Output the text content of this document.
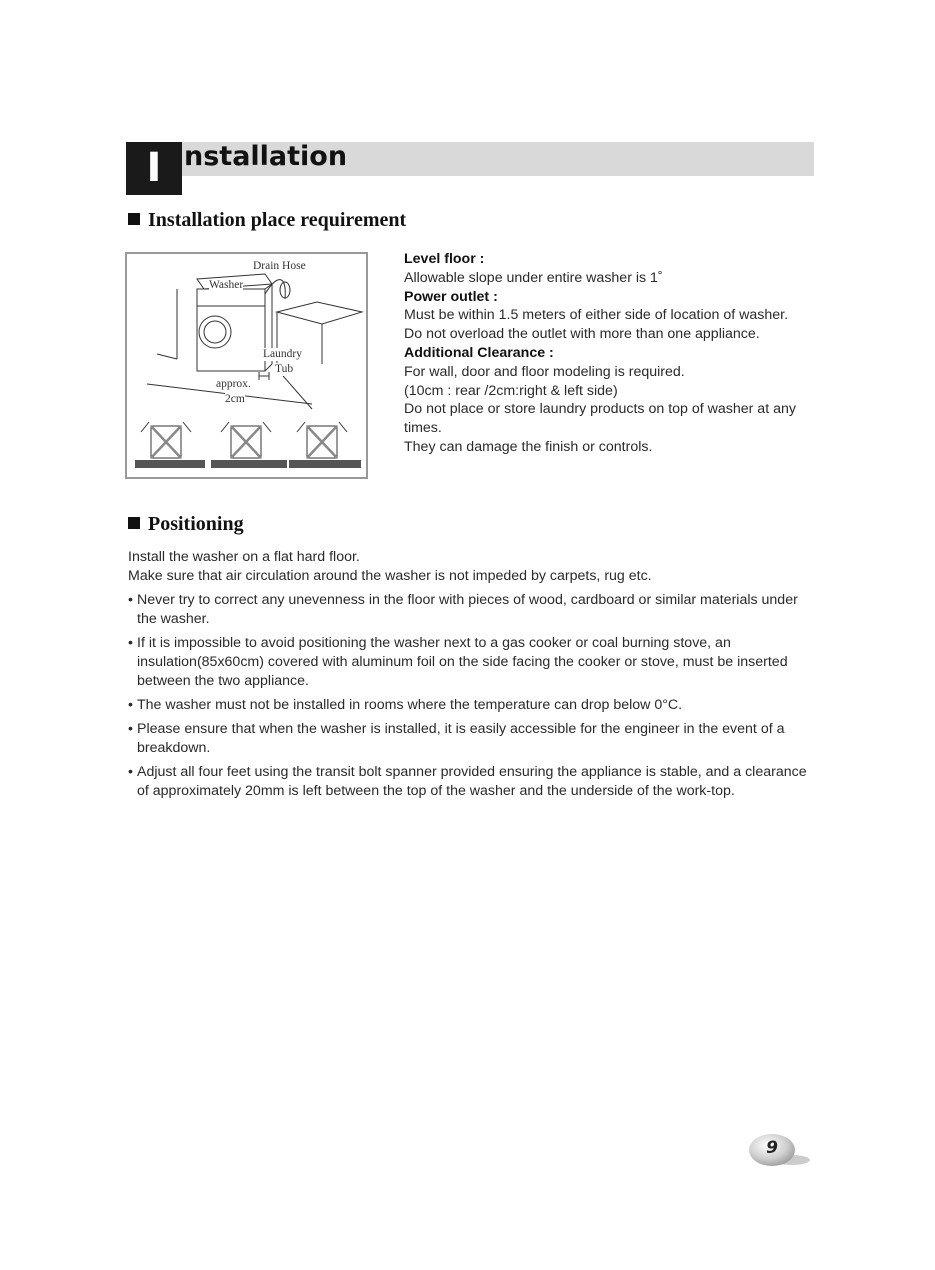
I nstallation
Installation place requirement
Drain Hose
Washer
Laundry
Tub
approx.
2cm
Level floor :
Allowable slope under entire washer is 1˚
Power outlet :
Must be within 1.5 meters of either side of location of washer. Do not overload the outlet with more than one appliance.
Additional Clearance :
For wall, door and floor modeling is required.
(10cm : rear /2cm:right & left side)
Do not place or store laundry products on top of washer at any times.
They can damage the finish or controls.
Positioning

Install the washer on a flat hard floor.

Make sure that air circulation around the washer is not impeded by carpets, rug etc.

• Never try to correct any unevenness in the floor with pieces of wood, cardboard or similar materials under the washer.
• If it is impossible to avoid positioning the washer next to a gas cooker or coal burning stove, an insulation(85x60cm) covered with aluminum foil on the side facing the cooker or stove, must be inserted between the two appliance.
• The washer must not be installed in rooms where the temperature can drop below 0°C.
• Please ensure that when the washer is installed, it is easily accessible for the engineer in the event of a breakdown.
• Adjust all four feet using the transit bolt spanner provided ensuring the appliance is stable, and a clearance of approximately 20mm is left between the top of the washer and the underside of the work-top.
9
